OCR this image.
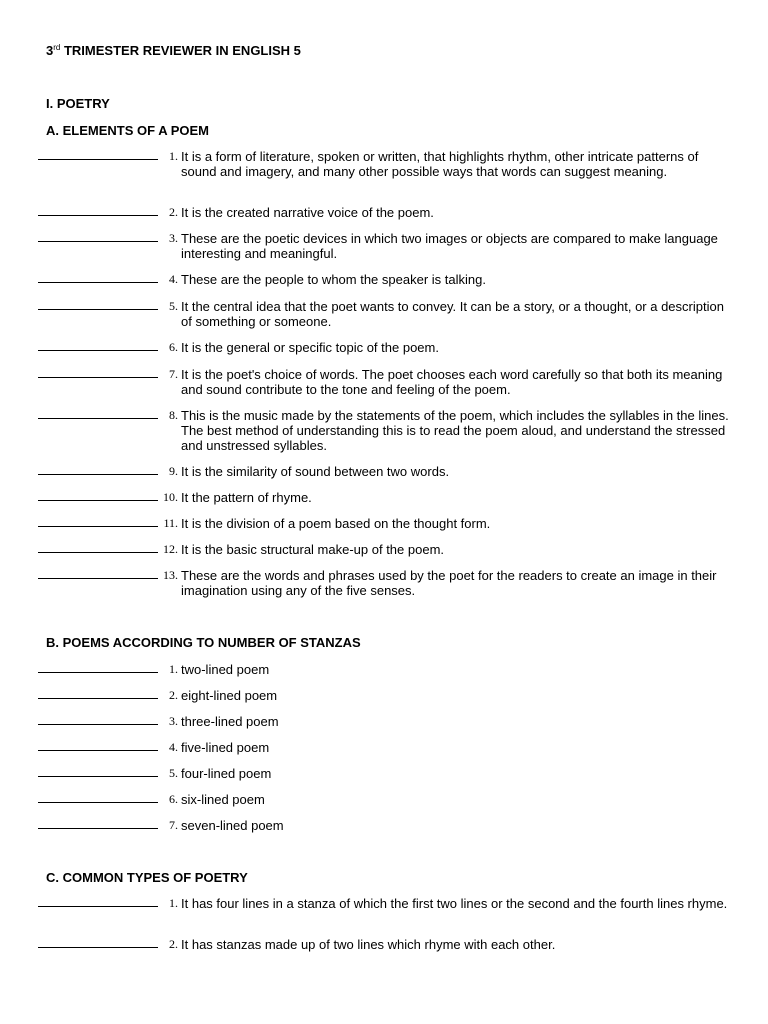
3rd TRIMESTER REVIEWER IN ENGLISH 5
I. POETRY
A. ELEMENTS OF A POEM
1. It is a form of literature, spoken or written, that highlights rhythm, other intricate patterns of sound and imagery, and many other possible ways that words can suggest meaning.
2. It is the created narrative voice of the poem.
3. These are the poetic devices in which two images or objects are compared to make language interesting and meaningful.
4. These are the people to whom the speaker is talking.
5. It the central idea that the poet wants to convey. It can be a story, or a thought, or a description of something or someone.
6. It is the general or specific topic of the poem.
7. It is the poet's choice of words. The poet chooses each word carefully so that both its meaning and sound contribute to the tone and feeling of the poem.
8. This is the music made by the statements of the poem, which includes the syllables in the lines. The best method of understanding this is to read the poem aloud, and understand the stressed and unstressed syllables.
9. It is the similarity of sound between two words.
10. It the pattern of rhyme.
11. It is the division of a poem based on the thought form.
12. It is the basic structural make-up of the poem.
13. These are the words and phrases used by the poet for the readers to create an image in their imagination using any of the five senses.
B. POEMS ACCORDING TO NUMBER OF STANZAS
1. two-lined poem
2. eight-lined poem
3. three-lined poem
4. five-lined poem
5. four-lined poem
6. six-lined poem
7. seven-lined poem
C. COMMON TYPES OF POETRY
1. It has four lines in a stanza of which the first two lines or the second and the fourth lines rhyme.
2. It has stanzas made up of two lines which rhyme with each other.
